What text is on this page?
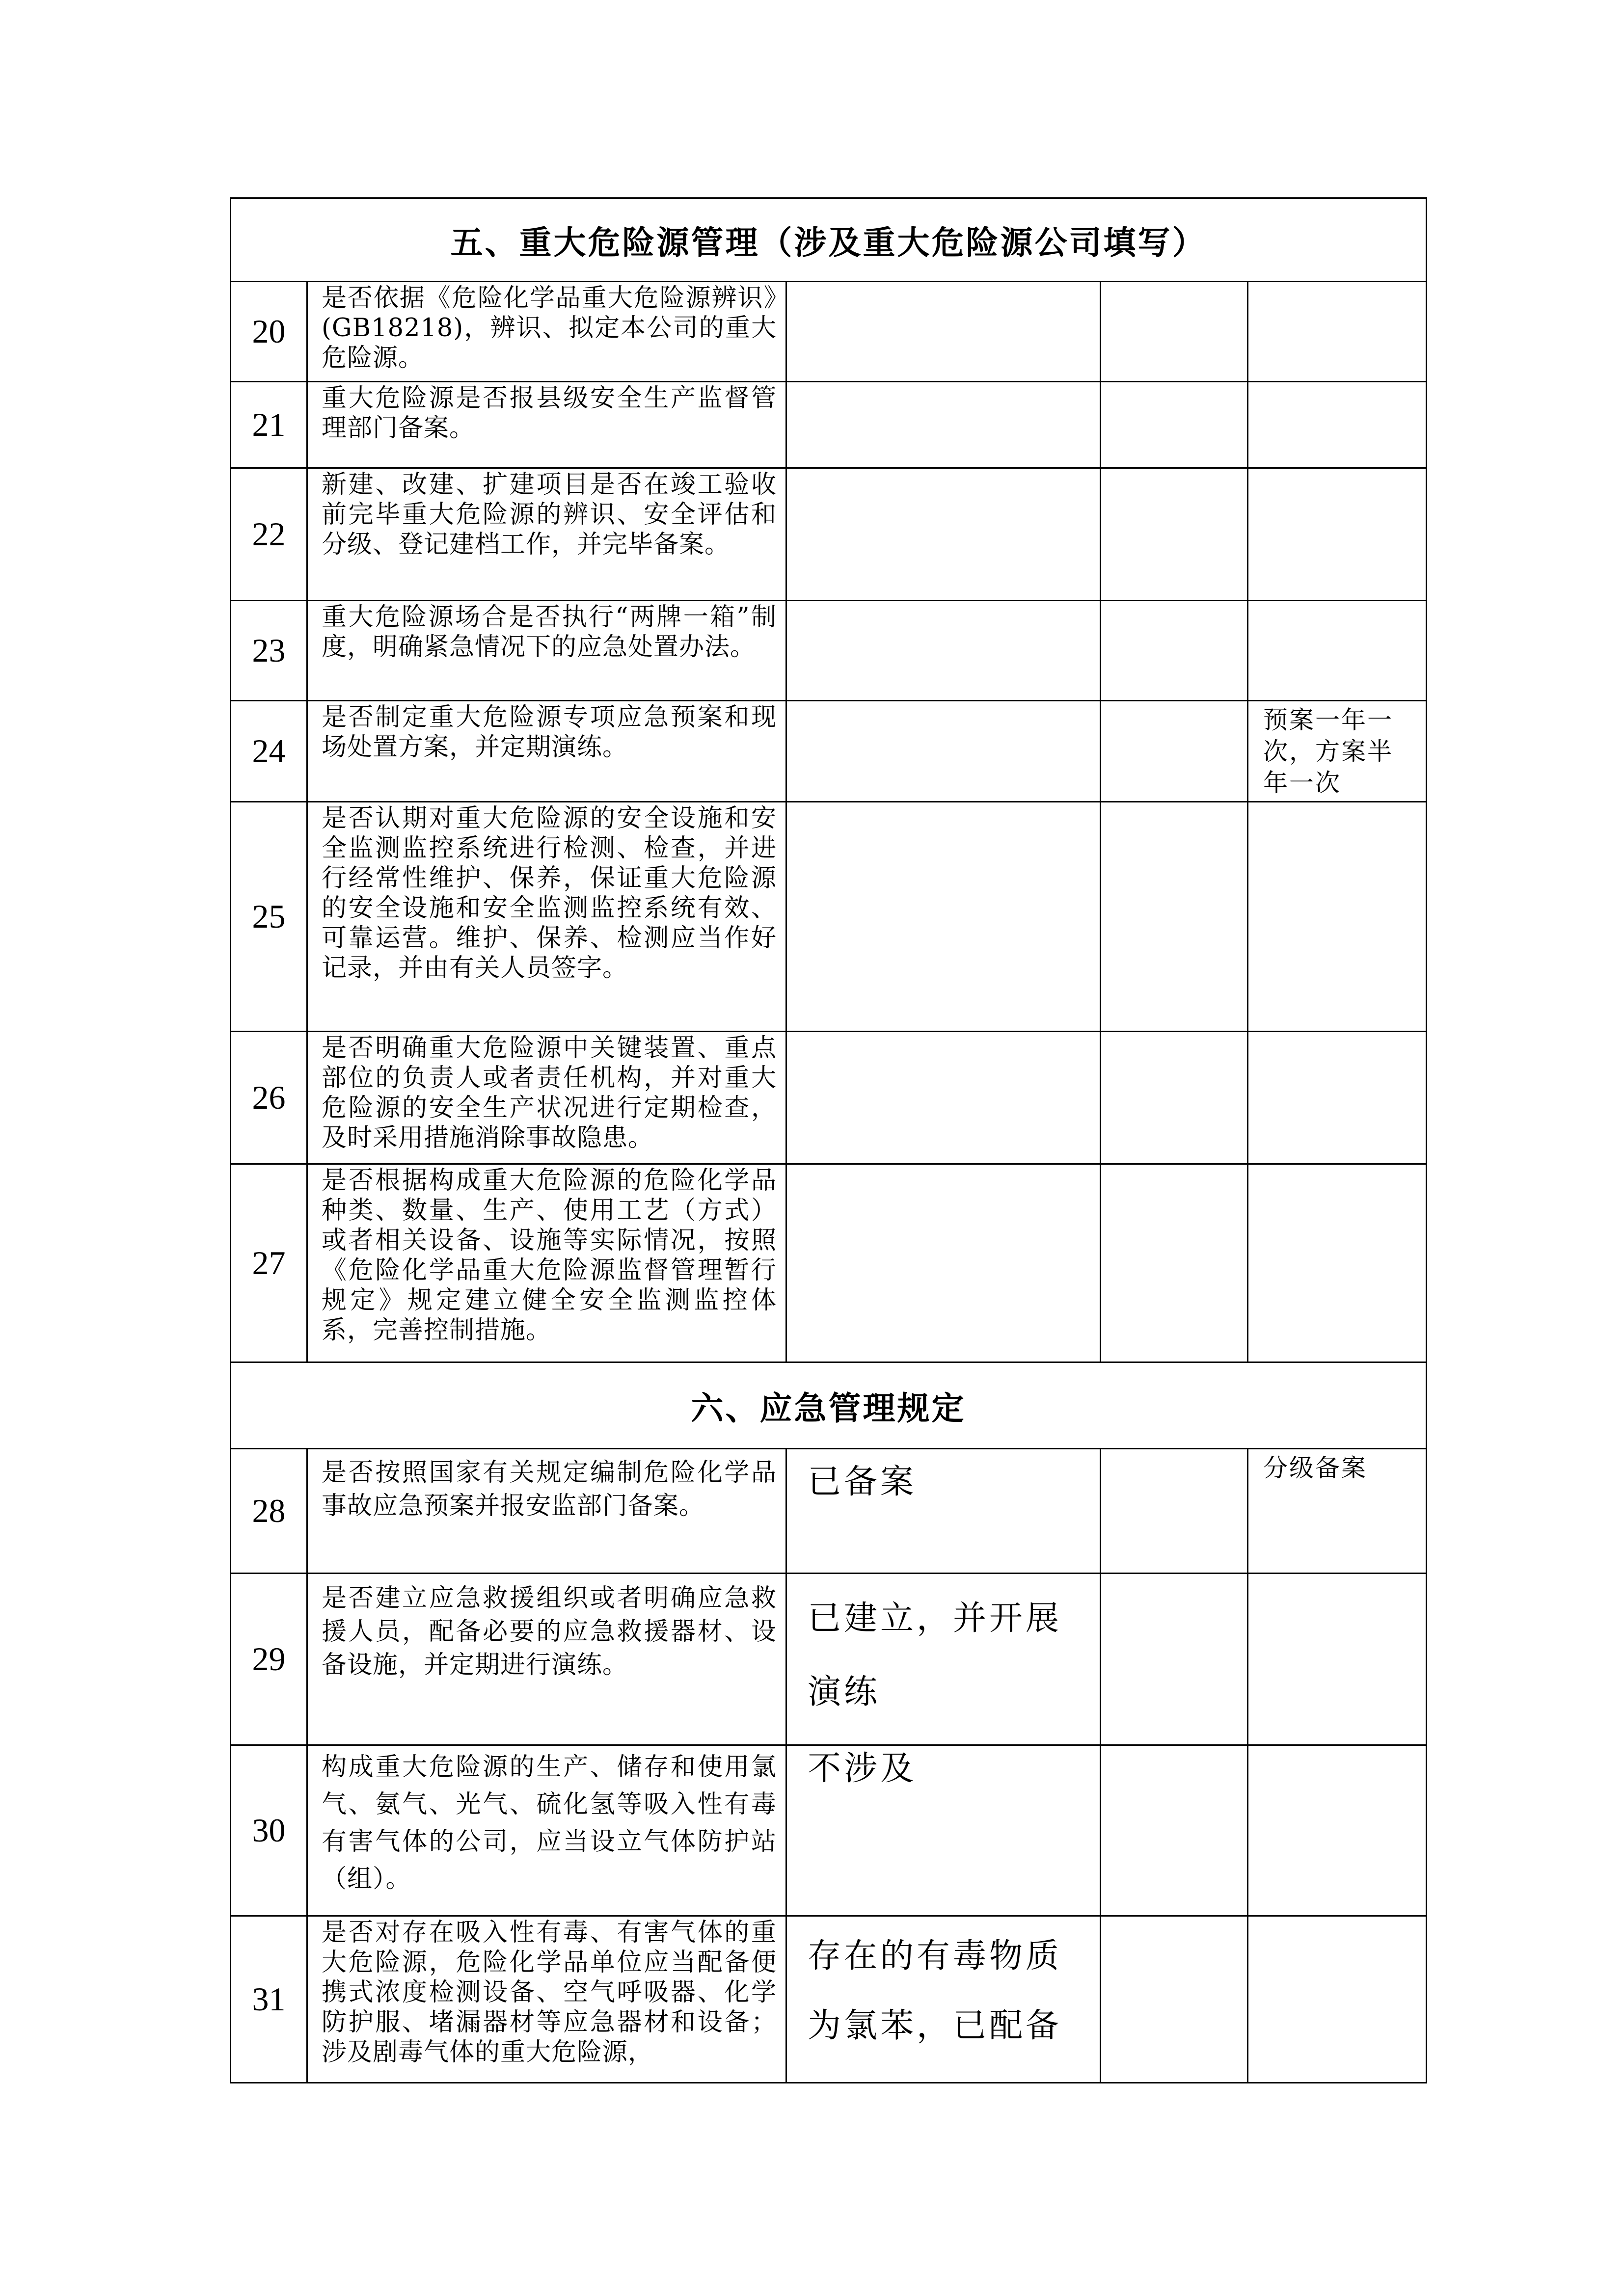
五、重大危险源管理（涉及重大危险源公司填写）				
20	是否依据《危险化学品重大危险源辨识》(GB18218)，辨识、拟定本公司的重大危险源。			
21	重大危险源是否报县级安全生产监督管理部门备案。			
22	新建、改建、扩建项目是否在竣工验收前完毕重大危险源的辨识、安全评估和分级、登记建档工作，并完毕备案。			
23	重大危险源场合是否执行“两牌一箱”制度，明确紧急情况下的应急处置办法。			
24	是否制定重大危险源专项应急预案和现场处置方案，并定期演练。			预案一年一次，方案半年一次
25	是否认期对重大危险源的安全设施和安全监测监控系统进行检测、检查，并进行经常性维护、保养，保证重大危险源的安全设施和安全监测监控系统有效、可靠运营。维护、保养、检测应当作好记录，并由有关人员签字。			
26	是否明确重大危险源中关键装置、重点部位的负责人或者责任机构，并对重大危险源的安全生产状况进行定期检查，及时采用措施消除事故隐患。			
27	是否根据构成重大危险源的危险化学品种类、数量、生产、使用工艺（方式）或者相关设备、设施等实际情况，按照《危险化学品重大危险源监督管理暂行规定》规定建立健全安全监测监控体系，完善控制措施。			
六、应急管理规定				
28	是否按照国家有关规定编制危险化学品事故应急预案并报安监部门备案。	已备案		分级备案
29	是否建立应急救援组织或者明确应急救援人员，配备必要的应急救援器材、设备设施，并定期进行演练。	已建立，并开展演练		
30	构成重大危险源的生产、储存和使用氯气、氨气、光气、硫化氢等吸入性有毒有害气体的公司，应当设立气体防护站（组）。	不涉及		
31	是否对存在吸入性有毒、有害气体的重大危险源，危险化学品单位应当配备便携式浓度检测设备、空气呼吸器、化学防护服、堵漏器材等应急器材和设备；涉及剧毒气体的重大危险源，	存在的有毒物质为氯苯，已配备		
